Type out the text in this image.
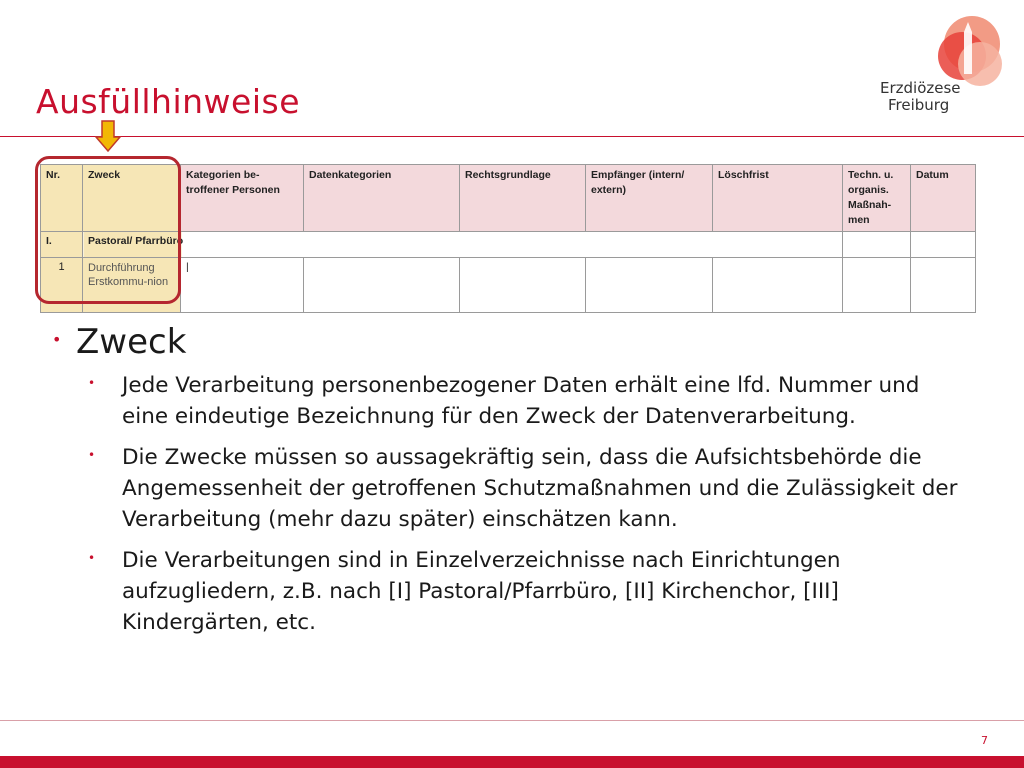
Ausfüllhinweise	Erzdiözese
Freiburg
Nr.	Zweck	Kategorien be-troffener Personen	Datenkategorien	Rechtsgrundlage	Empfänger (intern/ extern)	Löschfrist	Techn. u. organis. Maßnah-men	Datum
I.	Pastoral/ Pfarrbüro							
1	Durchführung Erstkommu-nion	|						
• Zweck
•	Jede Verarbeitung personenbezogener Daten erhält eine lfd. Nummer und eine eindeutige Bezeichnung für den Zweck der Datenverarbeitung.
•	Die Zwecke müssen so aussagekräftig sein, dass die Aufsichtsbehörde die Angemessenheit der getroffenen Schutzmaßnahmen und die Zulässigkeit der Verarbeitung (mehr dazu später) einschätzen kann.
•	Die Verarbeitungen sind in Einzelverzeichnisse nach Einrichtungen aufzugliedern, z.B. nach [I] Pastoral/Pfarrbüro, [II] Kirchenchor, [III] Kindergärten, etc.
7
